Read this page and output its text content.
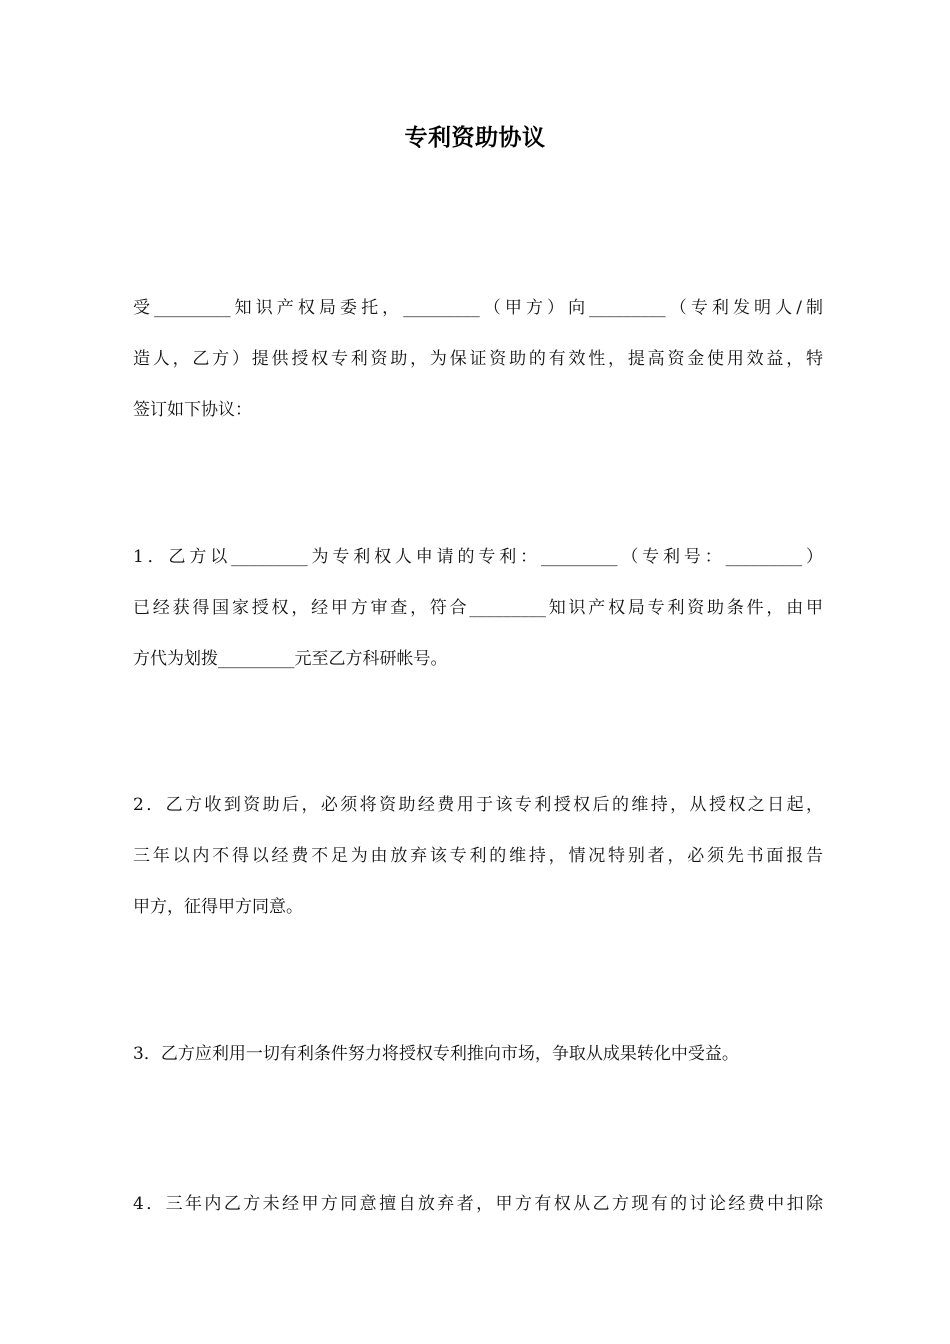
专利资助协议
受_________知识产权局委托，_________（甲方）向_________（专利发明人/制
造人，乙方）提供授权专利资助，为保证资助的有效性，提高资金使用效益，特
签订如下协议：
1．乙方以_________为专利权人申请的专利：_________（专利号：_________）
已经获得国家授权，经甲方审查，符合_________知识产权局专利资助条件，由甲
方代为划拨_________元至乙方科研帐号。
2．乙方收到资助后，必须将资助经费用于该专利授权后的维持，从授权之日起，
三年以内不得以经费不足为由放弃该专利的维持，情况特别者，必须先书面报告
甲方，征得甲方同意。
3．乙方应利用一切有利条件努力将授权专利推向市场，争取从成果转化中受益。
4．三年内乙方未经甲方同意擅自放弃者，甲方有权从乙方现有的讨论经费中扣除
